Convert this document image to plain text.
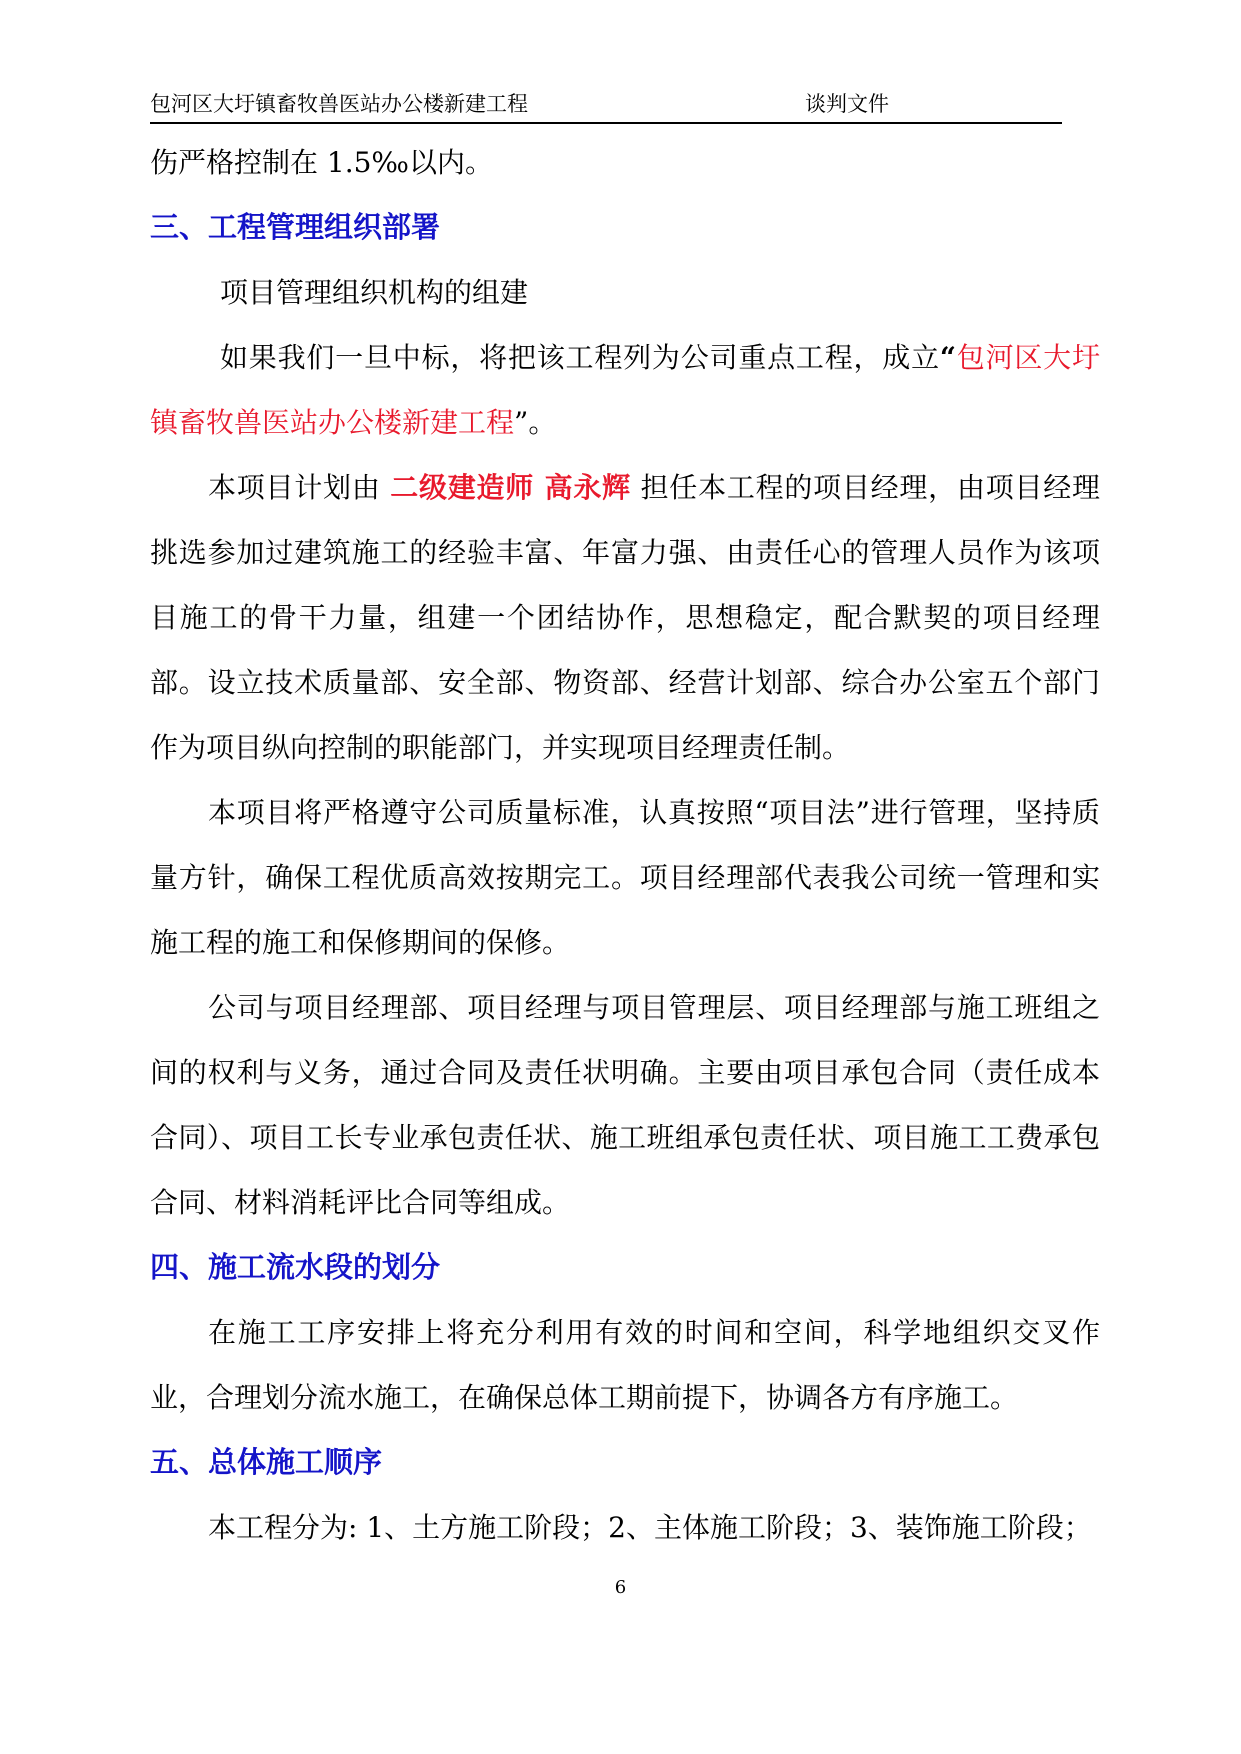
包河区大圩镇畜牧兽医站办公楼新建工程	谈判文件

伤严格控制在 1.5‰以内。

三、工程管理组织部署

项目管理组织机构的组建

如果我们一旦中标，将把该工程列为公司重点工程，成立“包河区大圩镇畜牧兽医站办公楼新建工程”。

本项目计划由 二级建造师 高永辉 担任本工程的项目经理，由项目经理挑选参加过建筑施工的经验丰富、年富力强、由责任心的管理人员作为该项目施工的骨干力量，组建一个团结协作，思想稳定，配合默契的项目经理部。设立技术质量部、安全部、物资部、经营计划部、综合办公室五个部门作为项目纵向控制的职能部门，并实现项目经理责任制。

本项目将严格遵守公司质量标准，认真按照“项目法”进行管理，坚持质量方针，确保工程优质高效按期完工。项目经理部代表我公司统一管理和实施工程的施工和保修期间的保修。

公司与项目经理部、项目经理与项目管理层、项目经理部与施工班组之间的权利与义务，通过合同及责任状明确。主要由项目承包合同（责任成本合同）、项目工长专业承包责任状、施工班组承包责任状、项目施工工费承包合同、材料消耗评比合同等组成。

四、施工流水段的划分

在施工工序安排上将充分利用有效的时间和空间，科学地组织交叉作业，合理划分流水施工，在确保总体工期前提下，协调各方有序施工。

五、总体施工顺序

本工程分为: 1、土方施工阶段；2、主体施工阶段；3、装饰施工阶段；

6
